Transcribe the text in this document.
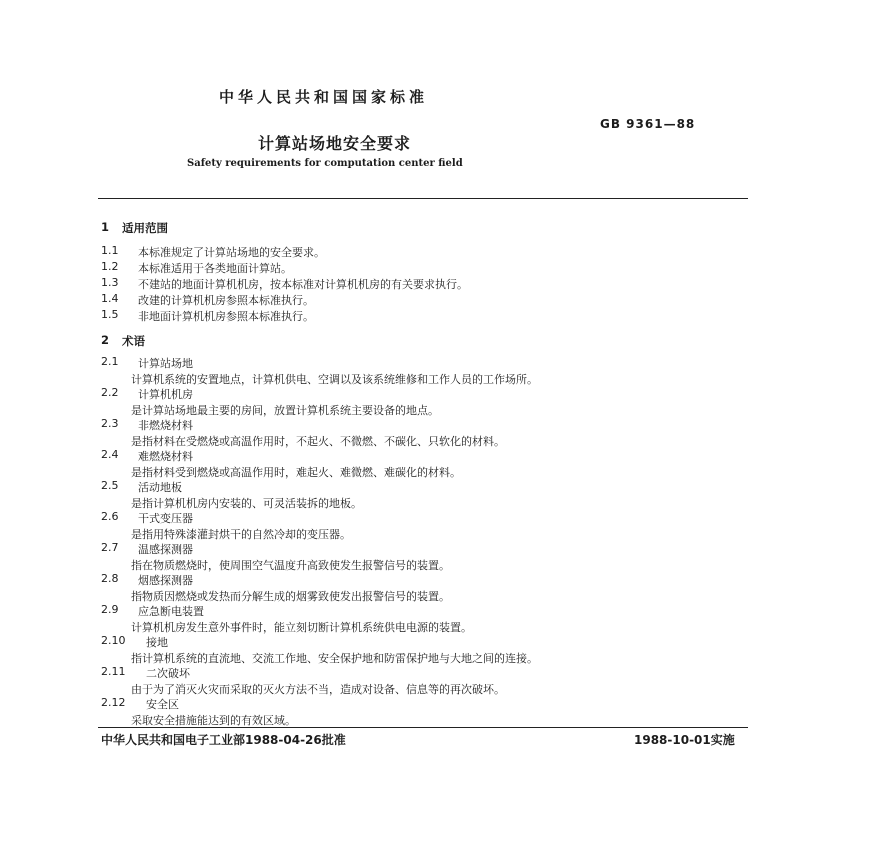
中华人民共和国国家标准
GB 9361—88
计算站场地安全要求
Safety requirements for computation center field
1 适用范围
1.1 本标准规定了计算站场地的安全要求。
1.2 本标准适用于各类地面计算站。
1.3 不建站的地面计算机机房，按本标准对计算机机房的有关要求执行。
1.4 改建的计算机机房参照本标准执行。
1.5 非地面计算机机房参照本标准执行。
2 术语
2.1 计算站场地
计算机系统的安置地点，计算机供电、空调以及该系统维修和工作人员的工作场所。
2.2 计算机机房
是计算站场地最主要的房间，放置计算机系统主要设备的地点。
2.3 非燃烧材料
是指材料在受燃烧或高温作用时，不起火、不微燃、不碳化、只软化的材料。
2.4 难燃烧材料
是指材料受到燃烧或高温作用时，难起火、难微燃、难碳化的材料。
2.5 活动地板
是指计算机机房内安装的、可灵活装拆的地板。
2.6 干式变压器
是指用特殊漆灌封烘干的自然冷却的变压器。
2.7 温感探测器
指在物质燃烧时，使周围空气温度升高致使发生报警信号的装置。
2.8 烟感探测器
指物质因燃烧或发热而分解生成的烟雾致使发出报警信号的装置。
2.9 应急断电装置
计算机机房发生意外事件时，能立刻切断计算机系统供电电源的装置。
2.10 接地
指计算机系统的直流地、交流工作地、安全保护地和防雷保护地与大地之间的连接。
2.11 二次破坏
由于为了消灭火灾而采取的灭火方法不当，造成对设备、信息等的再次破坏。
2.12 安全区
采取安全措施能达到的有效区域。
中华人民共和国电子工业部1988-04-26批准	1988-10-01实施
